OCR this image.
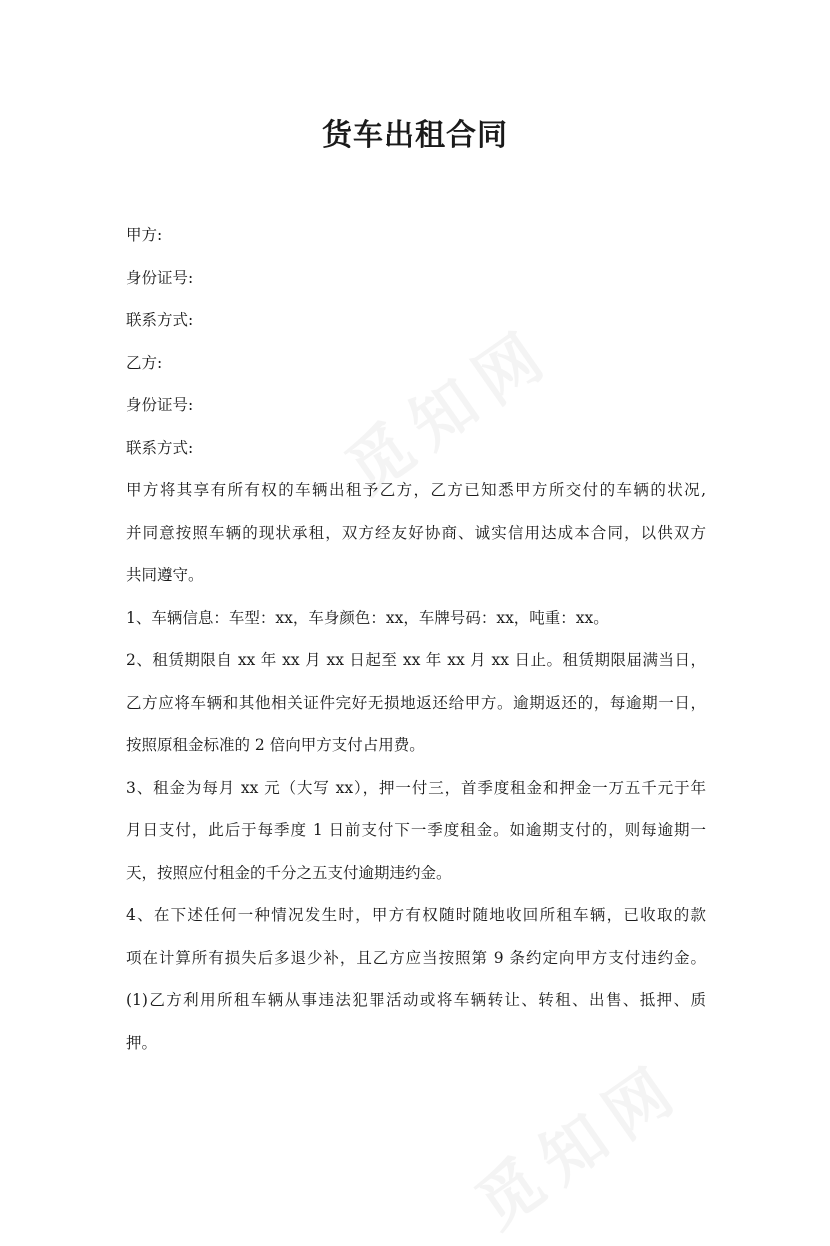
货车出租合同
甲方:
身份证号:
联系方式:
乙方:
身份证号:
联系方式:
甲方将其享有所有权的车辆出租予乙方，乙方已知悉甲方所交付的车辆的状况,
并同意按照车辆的现状承租，双方经友好协商、诚实信用达成本合同，以供双方
共同遵守。
1、车辆信息：车型：xx，车身颜色：xx，车牌号码：xx，吨重：xx。
2、租赁期限自 xx 年 xx 月 xx 日起至 xx 年 xx 月 xx 日止。租赁期限届满当日，
乙方应将车辆和其他相关证件完好无损地返还给甲方。逾期返还的，每逾期一日，
按照原租金标准的 2 倍向甲方支付占用费。
3、租金为每月 xx 元（大写 xx），押一付三，首季度租金和押金一万五千元于年
月日支付，此后于每季度 1 日前支付下一季度租金。如逾期支付的，则每逾期一
天，按照应付租金的千分之五支付逾期违约金。
4、在下述任何一种情况发生时，甲方有权随时随地收回所租车辆，已收取的款
项在计算所有损失后多退少补，且乙方应当按照第 9 条约定向甲方支付违约金。
(1)乙方利用所租车辆从事违法犯罪活动或将车辆转让、转租、出售、抵押、质
押。
